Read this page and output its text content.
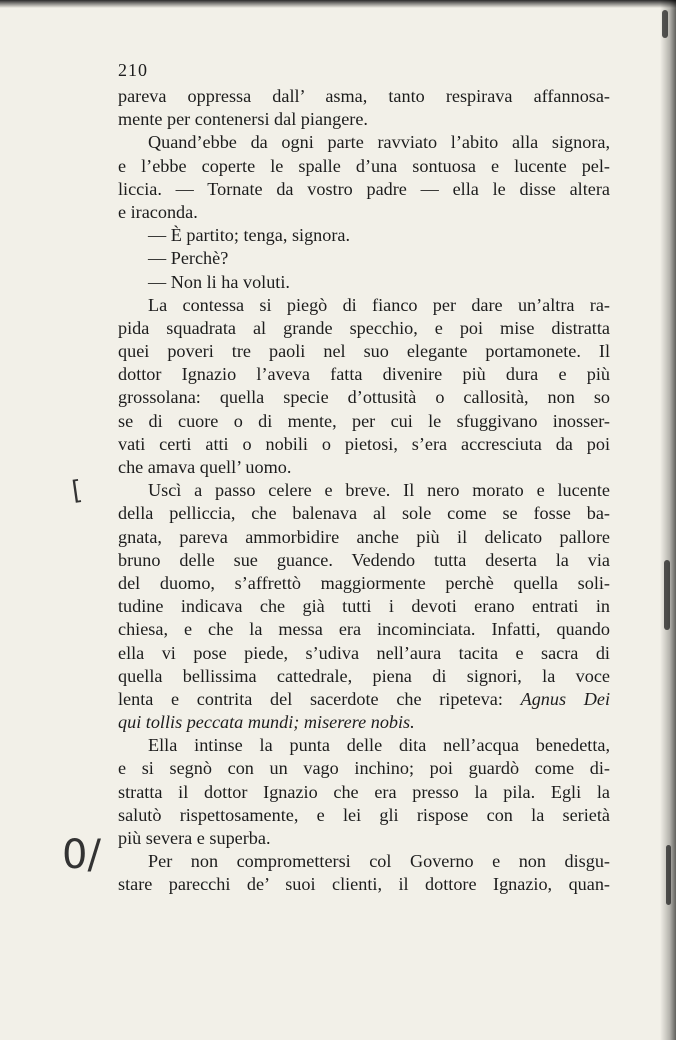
210
pareva oppressa dall’ asma, tanto respirava affannosa-
mente per contenersi dal piangere.
Quand’ebbe da ogni parte ravviato l’abito alla signora,
e l’ebbe coperte le spalle d’una sontuosa e lucente pel-
liccia. — Tornate da vostro padre — ella le disse altera
e iraconda.
— È partito; tenga, signora.
— Perchè?
— Non li ha voluti.
La contessa si piegò di fianco per dare un’altra ra-
pida squadrata al grande specchio, e poi mise distratta
quei poveri tre paoli nel suo elegante portamonete. Il
dottor Ignazio l’aveva fatta divenire più dura e più
grossolana: quella specie d’ottusità o callosità, non so
se di cuore o di mente, per cui le sfuggivano inosser-
vati certi atti o nobili o pietosi, s’era accresciuta da poi
che amava quell’ uomo.
Uscì a passo celere e breve. Il nero morato e lucente
della pelliccia, che balenava al sole come se fosse ba-
gnata, pareva ammorbidire anche più il delicato pallore
bruno delle sue guance. Vedendo tutta deserta la via
del duomo, s’affrettò maggiormente perchè quella soli-
tudine indicava che già tutti i devoti erano entrati in
chiesa, e che la messa era incominciata. Infatti, quando
ella vi pose piede, s’udiva nell’aura tacita e sacra di
quella bellissima cattedrale, piena di signori, la voce
lenta e contrita del sacerdote che ripeteva: Agnus Dei
qui tollis peccata mundi; miserere nobis.
Ella intinse la punta delle dita nell’acqua benedetta,
e si segnò con un vago inchino; poi guardò come di-
stratta il dottor Ignazio che era presso la pila. Egli la
salutò rispettosamente, e lei gli rispose con la serietà
più severa e superba.
Per non compromettersi col Governo e non disgu-
stare parecchi de’ suoi clienti, il dottore Ignazio, quan-
[
0/
